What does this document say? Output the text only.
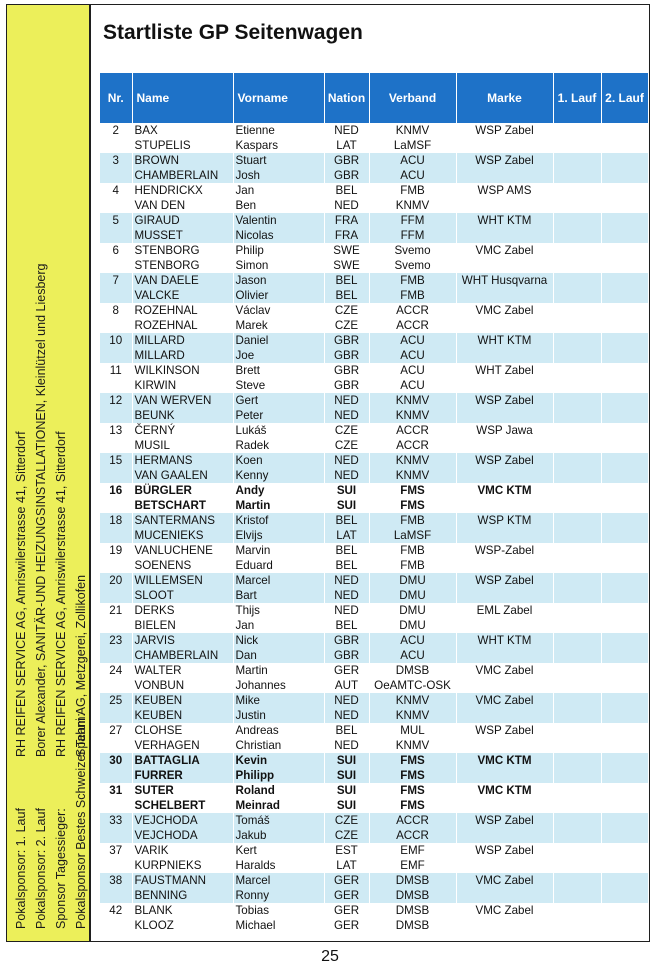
Pokalsponsor: 1. Lauf
RH REIFEN SERVICE AG, Amriswilerstrasse 41, Sitterdorf
Pokalsponsor: 2. Lauf
Borer Alexander, SANITÄR-UND HEIZUNGSINSTALLATIONEN, Kleinlützel und Liesberg
Sponsor Tagessieger:
RH REIFEN SERVICE AG, Amriswilerstrasse 41, Sitterdorf
Pokalsponsor Bestes Schweizer Team:
Spahni AG, Metzgerei, Zollikofen
Startliste GP Seitenwagen
Nr.	Name	Vorname	Nation	Verband	Marke	1. Lauf	2. Lauf
2	BAX	Etienne	NED	KNMV	WSP Zabel		
	STUPELIS	Kaspars	LAT	LaMSF			
3	BROWN	Stuart	GBR	ACU	WSP Zabel		
	CHAMBERLAIN	Josh	GBR	ACU			
4	HENDRICKX	Jan	BEL	FMB	WSP AMS		
	VAN DEN	Ben	NED	KNMV			
5	GIRAUD	Valentin	FRA	FFM	WHT KTM		
	MUSSET	Nicolas	FRA	FFM			
6	STENBORG	Philip	SWE	Svemo	VMC Zabel		
	STENBORG	Simon	SWE	Svemo			
7	VAN DAELE	Jason	BEL	FMB	WHT Husqvarna		
	VALCKE	Olivier	BEL	FMB			
8	ROZEHNAL	Václav	CZE	ACCR	VMC Zabel		
	ROZEHNAL	Marek	CZE	ACCR			
10	MILLARD	Daniel	GBR	ACU	WHT KTM		
	MILLARD	Joe	GBR	ACU			
11	WILKINSON	Brett	GBR	ACU	WHT Zabel		
	KIRWIN	Steve	GBR	ACU			
12	VAN WERVEN	Gert	NED	KNMV	WSP Zabel		
	BEUNK	Peter	NED	KNMV			
13	ČERNÝ	Lukáš	CZE	ACCR	WSP Jawa		
	MUSIL	Radek	CZE	ACCR			
15	HERMANS	Koen	NED	KNMV	WSP Zabel		
	VAN GAALEN	Kenny	NED	KNMV			
16	BÜRGLER	Andy	SUI	FMS	VMC KTM		
	BETSCHART	Martin	SUI	FMS			
18	SANTERMANS	Kristof	BEL	FMB	WSP KTM		
	MUCENIEKS	Elvijs	LAT	LaMSF			
19	VANLUCHENE	Marvin	BEL	FMB	WSP-Zabel		
	SOENENS	Eduard	BEL	FMB			
20	WILLEMSEN	Marcel	NED	DMU	WSP Zabel		
	SLOOT	Bart	NED	DMU			
21	DERKS	Thijs	NED	DMU	EML Zabel		
	BIELEN	Jan	BEL	DMU			
23	JARVIS	Nick	GBR	ACU	WHT KTM		
	CHAMBERLAIN	Dan	GBR	ACU			
24	WALTER	Martin	GER	DMSB	VMC Zabel		
	VONBUN	Johannes	AUT	OeAMTC-OSK			
25	KEUBEN	Mike	NED	KNMV	VMC Zabel		
	KEUBEN	Justin	NED	KNMV			
27	CLOHSE	Andreas	BEL	MUL	WSP Zabel		
	VERHAGEN	Christian	NED	KNMV			
30	BATTAGLIA	Kevin	SUI	FMS	VMC KTM		
	FURRER	Philipp	SUI	FMS			
31	SUTER	Roland	SUI	FMS	VMC KTM		
	SCHELBERT	Meinrad	SUI	FMS			
33	VEJCHODA	Tomáš	CZE	ACCR	WSP Zabel		
	VEJCHODA	Jakub	CZE	ACCR			
37	VARIK	Kert	EST	EMF	WSP Zabel		
	KURPNIEKS	Haralds	LAT	EMF			
38	FAUSTMANN	Marcel	GER	DMSB	VMC Zabel		
	BENNING	Ronny	GER	DMSB			
42	BLANK	Tobias	GER	DMSB	VMC Zabel		
	KLOOZ	Michael	GER	DMSB			
25
